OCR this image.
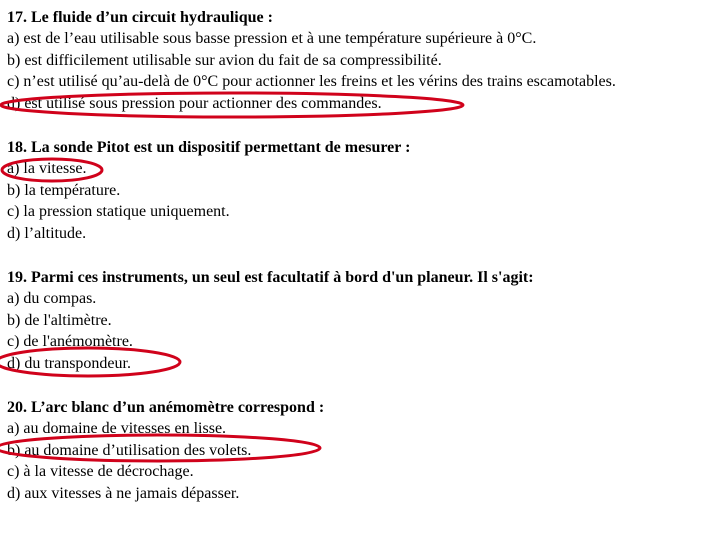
17. Le fluide d’un circuit hydraulique :
a) est de l’eau utilisable sous basse pression et à une température supérieure à 0°C.
b) est difficilement utilisable sur avion du fait de sa compressibilité.
c) n’est utilisé qu’au-delà de 0°C pour actionner les freins et les vérins des trains escamotables.
d) est utilisé sous pression pour actionner des commandes.
18. La sonde Pitot est un dispositif permettant de mesurer :
a) la vitesse.
b) la température.
c) la pression statique uniquement.
d) l’altitude.
19. Parmi ces instruments, un seul est facultatif à bord d'un planeur. Il s'agit:
a) du compas.
b) de l'altimètre.
c) de l'anémomètre.
d) du transpondeur.
20. L’arc blanc d’un anémomètre correspond :
a) au domaine de vitesses en lisse.
b) au domaine d’utilisation des volets.
c) à la vitesse de décrochage.
d) aux vitesses à ne jamais dépasser.
